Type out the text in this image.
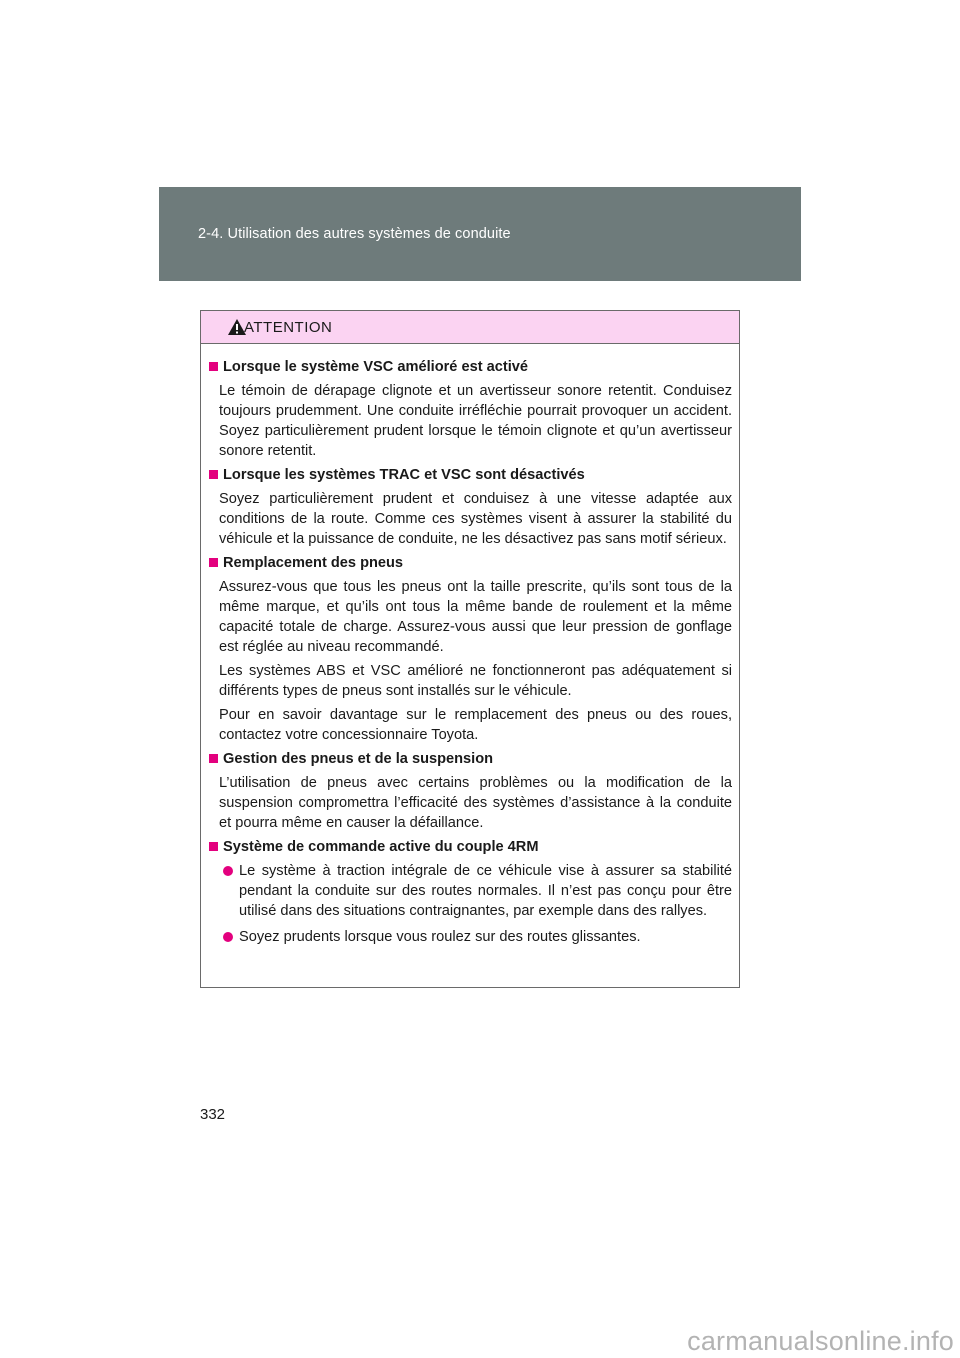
2-4. Utilisation des autres systèmes de conduite
ATTENTION
Lorsque le système VSC amélioré est activé
Le témoin de dérapage clignote et un avertisseur sonore retentit. Conduisez toujours prudemment. Une conduite irréfléchie pourrait provoquer un accident. Soyez particulièrement prudent lorsque le témoin clignote et qu’un avertisseur sonore retentit.
Lorsque les systèmes TRAC et VSC sont désactivés
Soyez particulièrement prudent et conduisez à une vitesse adaptée aux conditions de la route. Comme ces systèmes visent à assurer la stabilité du véhicule et la puissance de conduite, ne les désactivez pas sans motif sérieux.
Remplacement des pneus
Assurez-vous que tous les pneus ont la taille prescrite, qu’ils sont tous de la même marque, et qu’ils ont tous la même bande de roulement et la même capacité totale de charge. Assurez-vous aussi que leur pression de gonflage est réglée au niveau recommandé.
Les systèmes ABS et VSC amélioré ne fonctionneront pas adéquatement si différents types de pneus sont installés sur le véhicule.
Pour en savoir davantage sur le remplacement des pneus ou des roues, contactez votre concessionnaire Toyota.
Gestion des pneus et de la suspension
L’utilisation de pneus avec certains problèmes ou la modification de la suspension compromettra l’efficacité des systèmes d’assistance à la conduite et pourra même en causer la défaillance.
Système de commande active du couple 4RM
Le système à traction intégrale de ce véhicule vise à assurer sa stabilité pendant la conduite sur des routes normales. Il n’est pas conçu pour être utilisé dans des situations contraignantes, par exemple dans des rallyes.
Soyez prudents lorsque vous roulez sur des routes glissantes.
332
carmanualsonline.info
